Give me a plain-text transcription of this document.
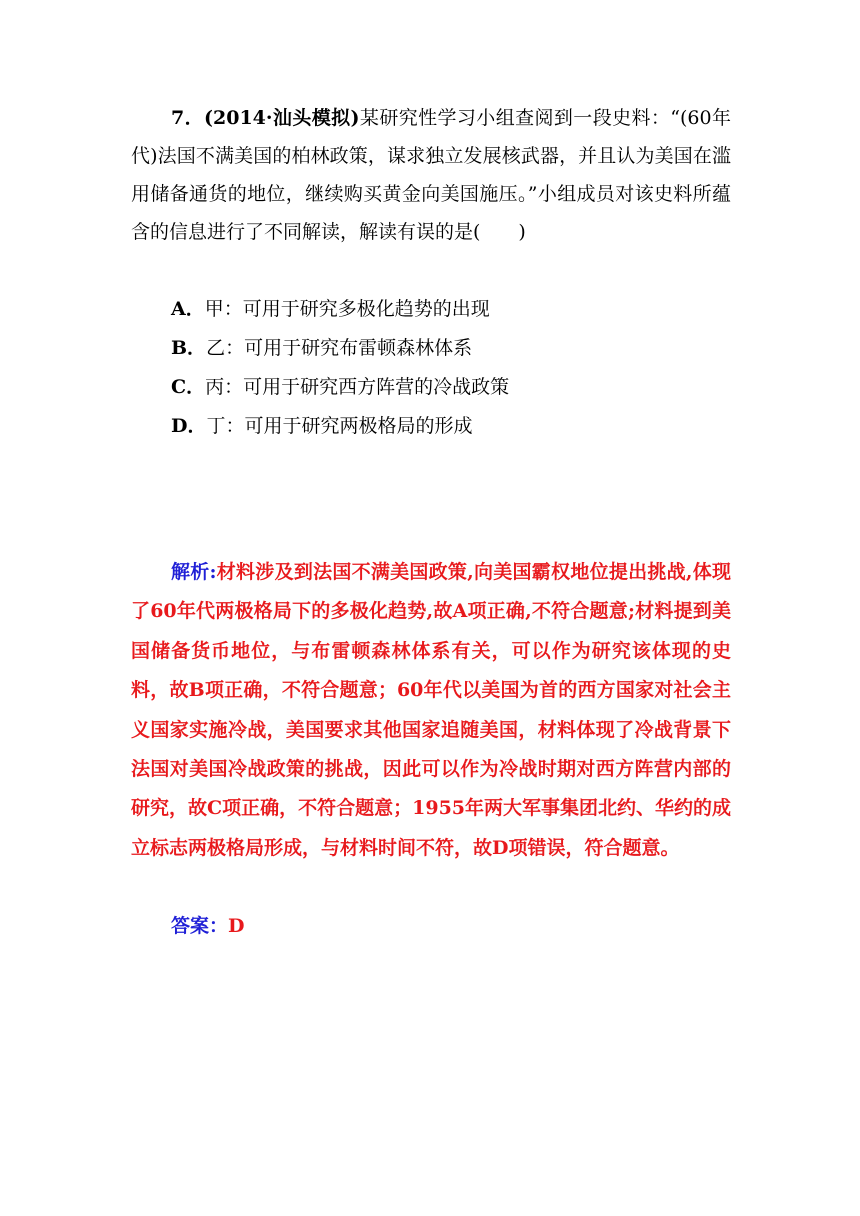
7．(2014·汕头模拟)某研究性学习小组查阅到一段史料：“(60年代)法国不满美国的柏林政策，谋求独立发展核武器，并且认为美国在滥用储备通货的地位，继续购买黄金向美国施压。”小组成员对该史料所蕴含的信息进行了不同解读，解读有误的是(　　)

A．甲：可用于研究多极化趋势的出现
B．乙：可用于研究布雷顿森林体系
C．丙：可用于研究西方阵营的冷战政策
D．丁：可用于研究两极格局的形成

解析:材料涉及到法国不满美国政策,向美国霸权地位提出挑战,体现了60年代两极格局下的多极化趋势,故A项正确,不符合题意;材料提到美国储备货币地位，与布雷顿森林体系有关，可以作为研究该体现的史料，故B项正确，不符合题意；60年代以美国为首的西方国家对社会主义国家实施冷战，美国要求其他国家追随美国，材料体现了冷战背景下法国对美国冷战政策的挑战，因此可以作为冷战时期对西方阵营内部的研究，故C项正确，不符合题意；1955年两大军事集团北约、华约的成立标志两极格局形成，与材料时间不符，故D项错误，符合题意。

答案：D
